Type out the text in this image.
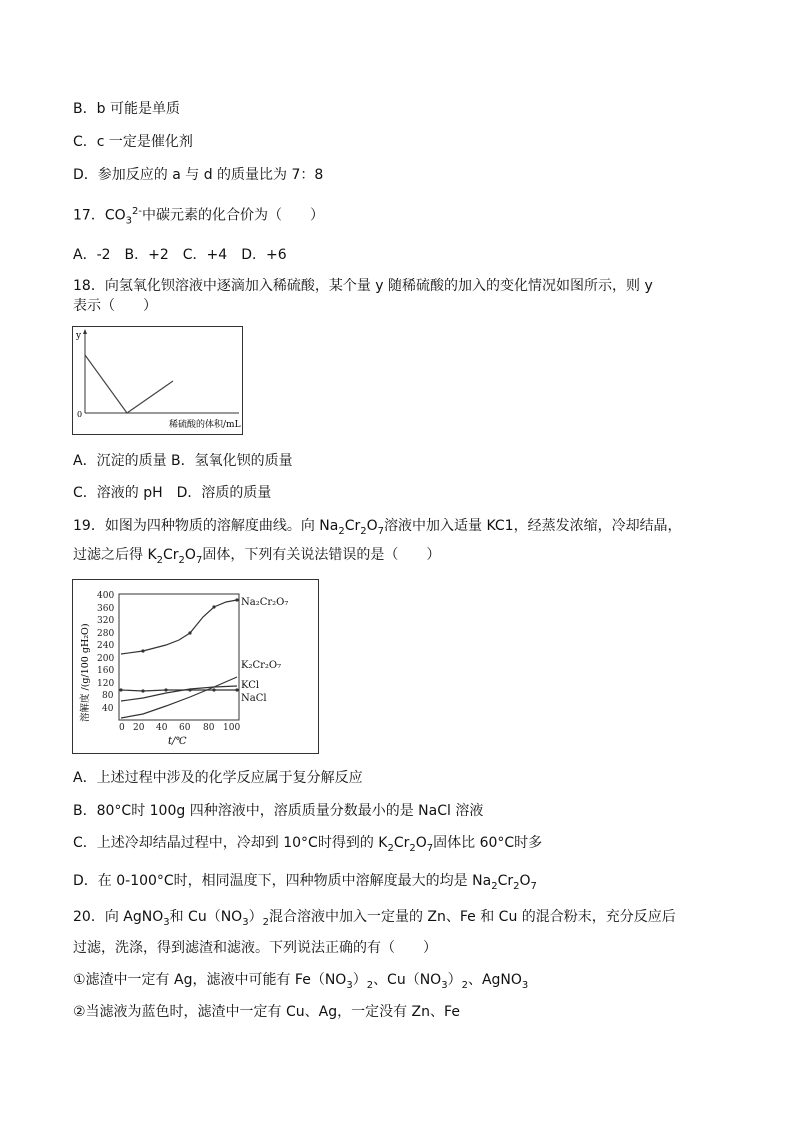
B．b 可能是单质
C．c 一定是催化剂
D．参加反应的 a 与 d 的质量比为 7：8
17．$CO_3^{2-}$中碳元素的化合价为（　　）
A．-2　B．+2　C．+4　D．+6
18．向氢氧化钡溶液中逐滴加入稀硫酸，某个量 y 随稀硫酸的加入的变化情况如图所示，则 y
表示（　　）
y
0
稀硫酸的体积/mL
A．沉淀的质量 B．氢氧化钡的质量
C．溶液的 pH　D．溶质的质量
19．如图为四种物质的溶解度曲线。向 $Na_2Cr_2O_7$溶液中加入适量 KC1，经蒸发浓缩，冷却结晶，
过滤之后得 $K_2Cr_2O_7$固体，下列有关说法错误的是（　　）
400
360
320
280
240
200
160
120
80
40
0 20 40 60 80 100
t/℃
溶解度 /(g/100 gH₂O)
Na₂Cr₂O₇
K₂Cr₂O₇
KCl
NaCl
A．上述过程中涉及的化学反应属于复分解反应
B．80°C时 100g 四种溶液中，溶质质量分数最小的是 NaCl 溶液
C．上述冷却结晶过程中，冷却到 10°C时得到的 $K_2Cr_2O_7$固体比 60°C时多
D．在 0-100°C时，相同温度下，四种物质中溶解度最大的均是 $Na_2Cr_2O_7$
20．向 AgNO$_3$和 $Cu(NO_3)_2$混合溶液中加入一定量的 Zn、Fe 和 Cu 的混合粉末，充分反应后
过滤，洗涤，得到滤渣和滤液。下列说法正确的有（　　）
①滤渣中一定有 Ag，滤液中可能有 $Fe(NO_3)_2$、$Cu(NO_3)_2$、AgNO$_3$
②当滤液为蓝色时，滤渣中一定有 Cu、Ag，一定没有 Zn、Fe
